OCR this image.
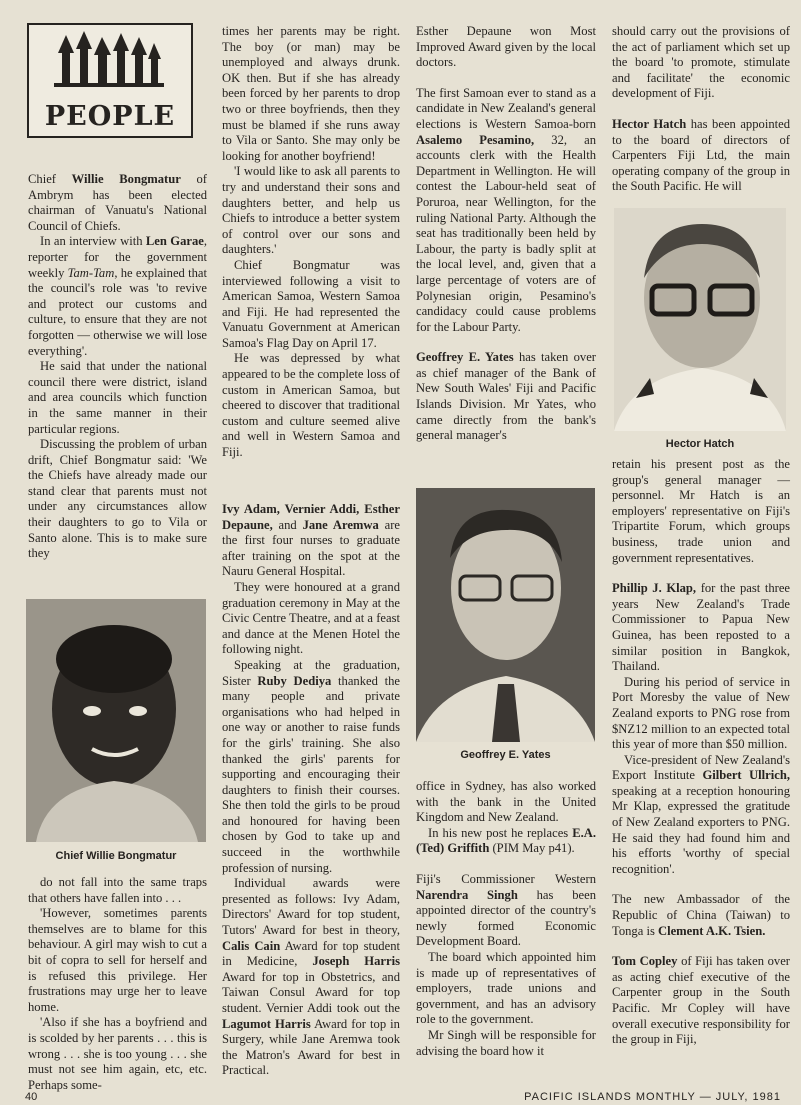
PEOPLE

Chief Willie Bongmatur of Ambrym has been elected chairman of Vanuatu's National Council of Chiefs.

In an interview with Len Garae, reporter for the government weekly Tam-Tam, he explained that the council's role was 'to revive and protect our customs and culture, to ensure that they are not forgotten — otherwise we will lose everything'.

He said that under the national council there were district, island and area councils which function in the same manner in their particular regions.

Discussing the problem of urban drift, Chief Bongmatur said: 'We the Chiefs have already made our stand clear that parents must not under any circumstances allow their daughters to go to Vila or Santo alone. This is to make sure they

Chief Willie Bongmatur

do not fall into the same traps that others have fallen into . . .

'However, sometimes parents themselves are to blame for this behaviour. A girl may wish to cut a bit of copra to sell for herself and is refused this privilege. Her frustrations may urge her to leave home.

'Also if she has a boyfriend and is scolded by her parents . . . this is wrong . . . she is too young . . . she must not see him again, etc, etc. Perhaps some-

times her parents may be right. The boy (or man) may be unemployed and always drunk. OK then. But if she has already been forced by her parents to drop two or three boyfriends, then they must be blamed if she runs away to Vila or Santo. She may only be looking for another boyfriend!

'I would like to ask all parents to try and understand their sons and daughters better, and help us Chiefs to introduce a better system of control over our sons and daughters.'

Chief Bongmatur was interviewed following a visit to American Samoa, Western Samoa and Fiji. He had represented the Vanuatu Government at American Samoa's Flag Day on April 17.

He was depressed by what appeared to be the complete loss of custom in American Samoa, but cheered to discover that traditional custom and culture seemed alive and well in Western Samoa and Fiji.

Ivy Adam, Vernier Addi, Esther Depaune, and Jane Aremwa are the first four nurses to graduate after training on the spot at the Nauru General Hospital.

They were honoured at a grand graduation ceremony in May at the Civic Centre Theatre, and at a feast and dance at the Menen Hotel the following night.

Speaking at the graduation, Sister Ruby Dediya thanked the many people and private organisations who had helped in one way or another to raise funds for the girls' training. She also thanked the girls' parents for supporting and encouraging their daughters to finish their courses. She then told the girls to be proud and honoured for having been chosen by God to take up and succeed in the worthwhile profession of nursing.

Individual awards were presented as follows: Ivy Adam, Directors' Award for top student, Tutors' Award for best in theory, Calis Cain Award for top student in Medicine, Joseph Harris Award for top in Obstetrics, and Taiwan Consul Award for top student. Vernier Addi took out the Lagumot Harris Award for top in Surgery, while Jane Aremwa took the Matron's Award for best in Practical.

Esther Depaune won Most Improved Award given by the local doctors.

The first Samoan ever to stand as a candidate in New Zealand's general elections is Western Samoa-born Asalemo Pesamino, 32, an accounts clerk with the Health Department in Wellington. He will contest the Labour-held seat of Poruroa, near Wellington, for the ruling National Party. Although the seat has traditionally been held by Labour, the party is badly split at the local level, and, given that a large percentage of voters are of Polynesian origin, Pesamino's candidacy could cause problems for the Labour Party.

Geoffrey E. Yates has taken over as chief manager of the Bank of New South Wales' Fiji and Pacific Islands Division. Mr Yates, who came directly from the bank's general manager's

Geoffrey E. Yates

office in Sydney, has also worked with the bank in the United Kingdom and New Zealand.

In his new post he replaces E.A. (Ted) Griffith (PIM May p41).

Fiji's Commissioner Western Narendra Singh has been appointed director of the country's newly formed Economic Development Board.

The board which appointed him is made up of representatives of employers, trade unions and government, and has an advisory role to the government.

Mr Singh will be responsible for advising the board how it

should carry out the provisions of the act of parliament which set up the board 'to promote, stimulate and facilitate' the economic development of Fiji.

Hector Hatch has been appointed to the board of directors of Carpenters Fiji Ltd, the main operating company of the group in the South Pacific. He will

Hector Hatch

retain his present post as the group's general manager — personnel. Mr Hatch is an employers' representative on Fiji's Tripartite Forum, which groups business, trade union and government representatives.

Phillip J. Klap, for the past three years New Zealand's Trade Commissioner to Papua New Guinea, has been reposted to a similar position in Bangkok, Thailand.

During his period of service in Port Moresby the value of New Zealand exports to PNG rose from $NZ12 million to an expected total this year of more than $50 million.

Vice-president of New Zealand's Export Institute Gilbert Ullrich, speaking at a reception honouring Mr Klap, expressed the gratitude of New Zealand exporters to PNG. He said they had found him and his efforts 'worthy of special recognition'.

The new Ambassador of the Republic of China (Taiwan) to Tonga is Clement A.K. Tsien.

Tom Copley of Fiji has taken over as acting chief executive of the Carpenter group in the South Pacific. Mr Copley will have overall executive responsibility for the group in Fiji,

40	PACIFIC ISLANDS MONTHLY — JULY, 1981
